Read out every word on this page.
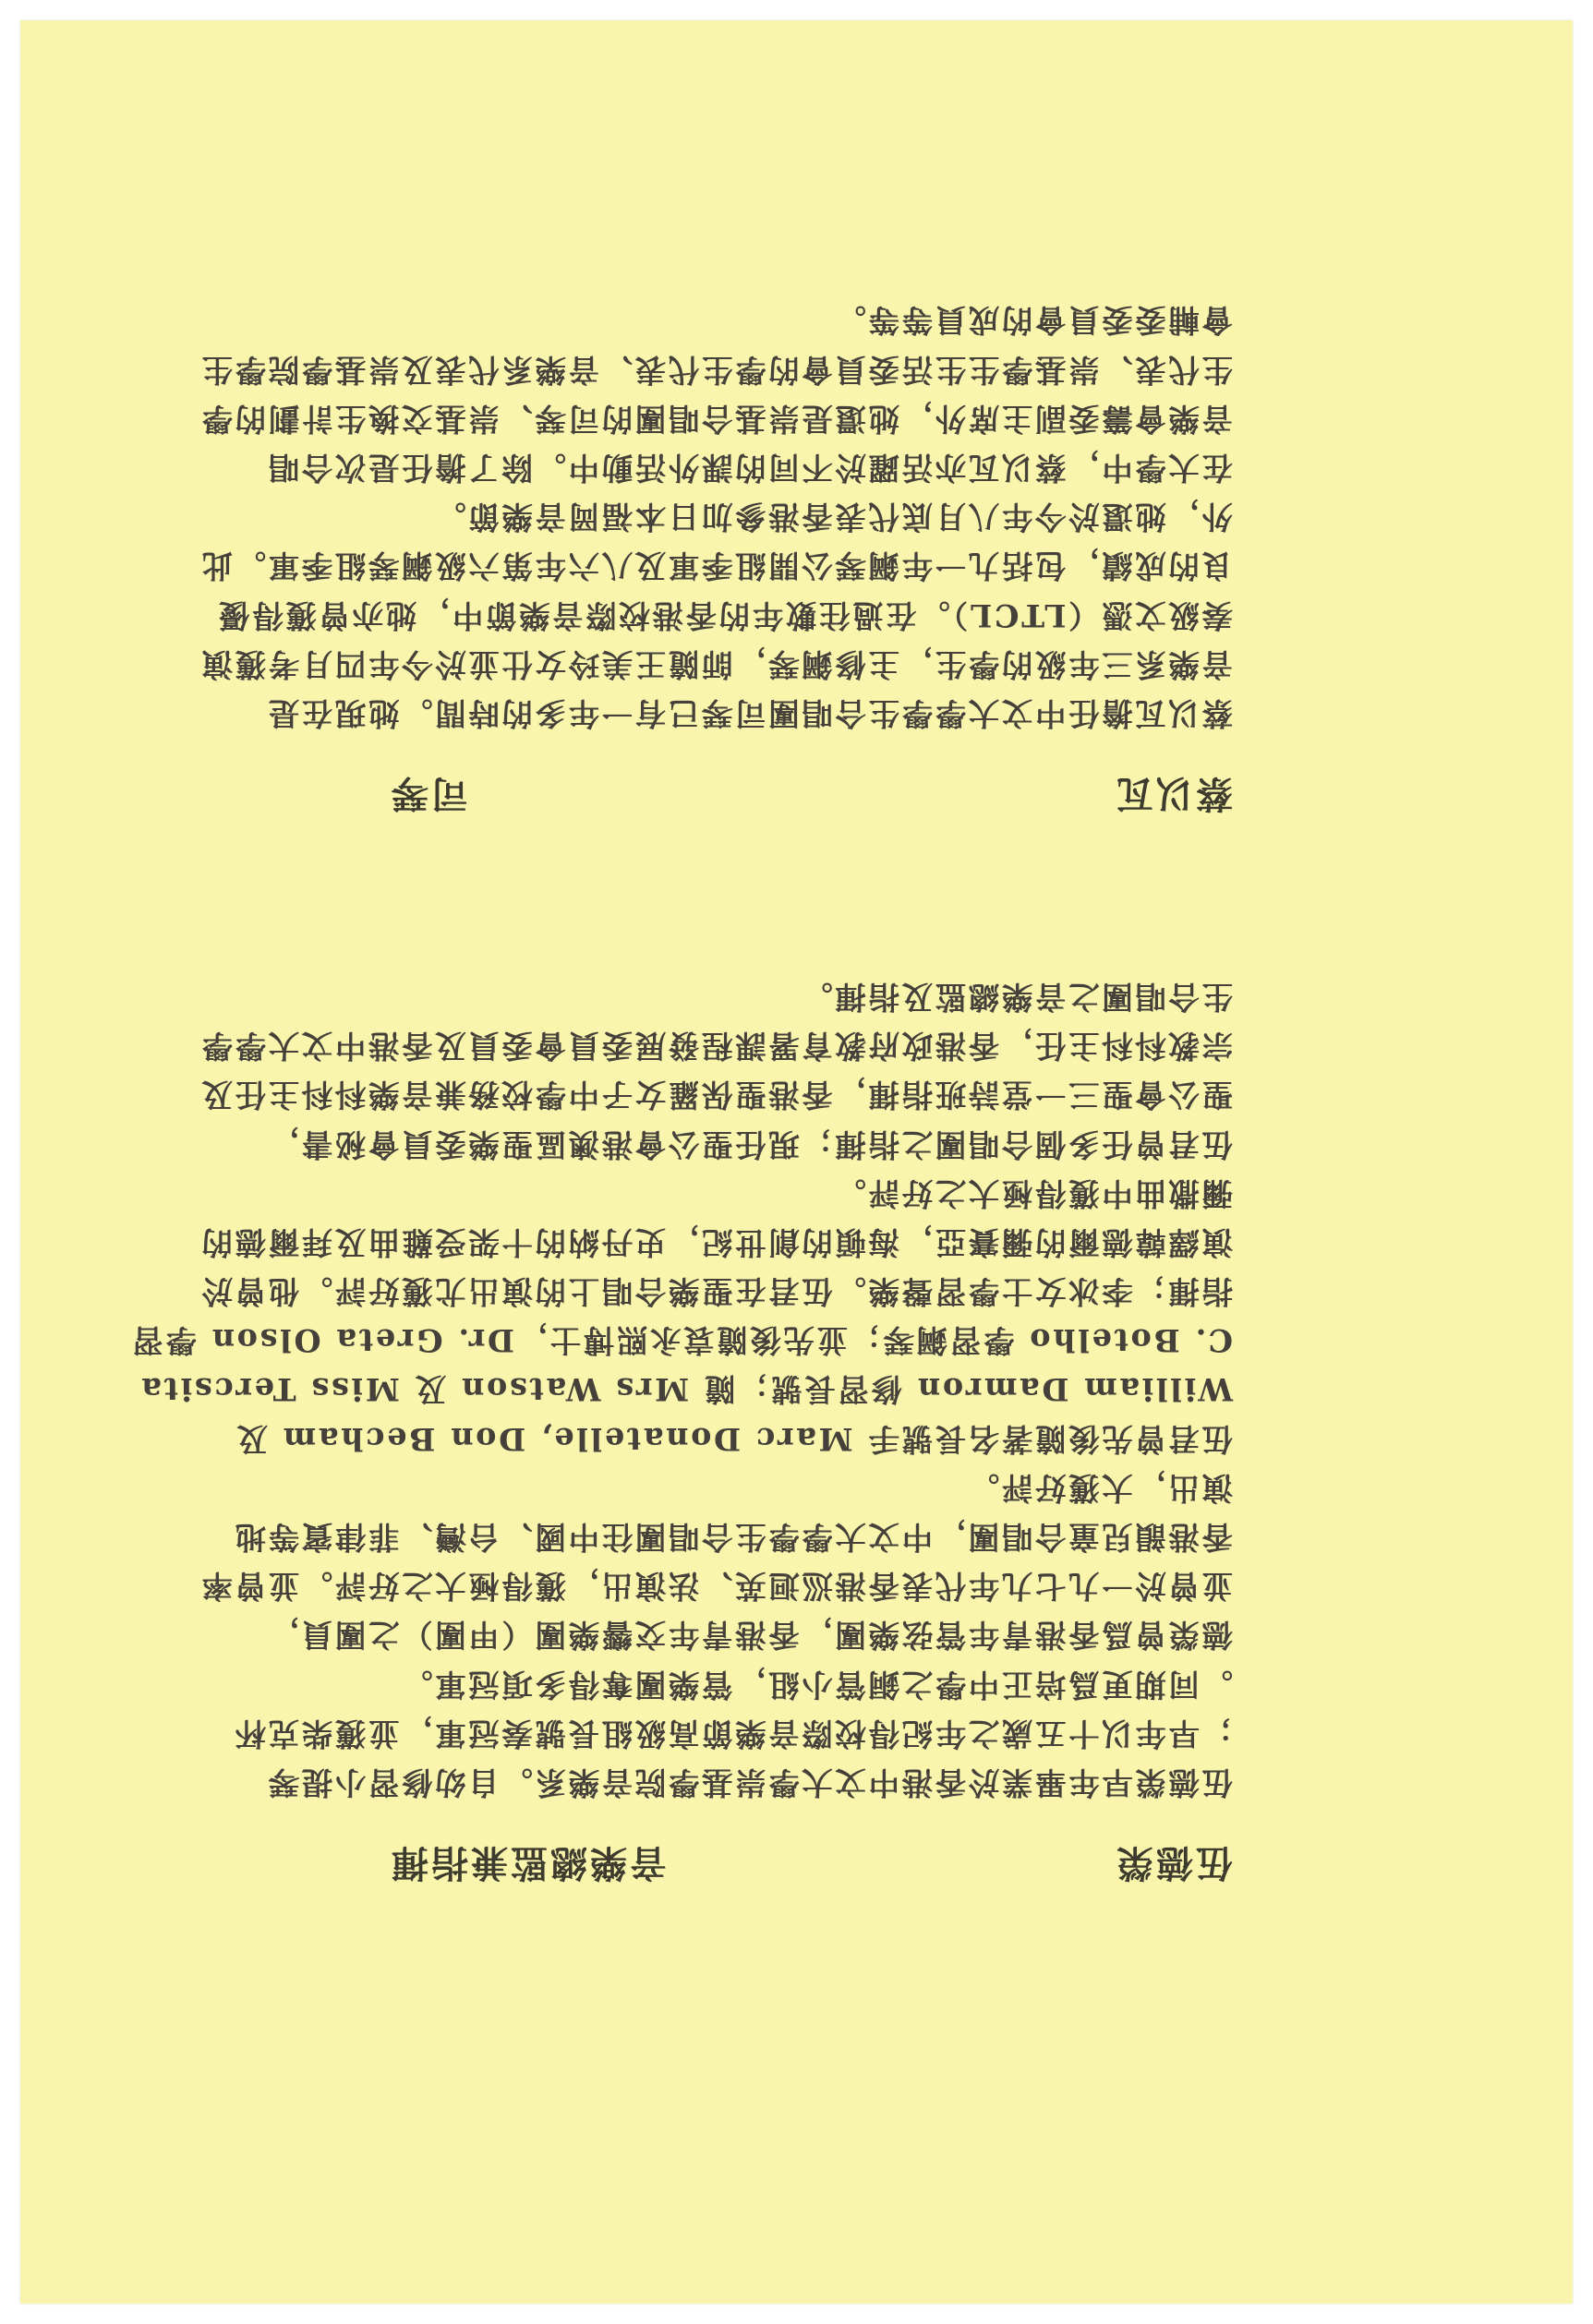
伍德榮
音樂總監兼指揮

伍德榮早年畢業於香港中文大學崇基學院音樂系。自幼修習小提琴

；早年以十五歲之年紀得校際音樂節高級組長號奏冠軍，並獲柴克杯

。同期更爲培正中學之銅管小組，管樂團奪得多項冠軍。

德榮曾爲香港青年管弦樂團，香港青年交響樂團（甲團）之團員，

並曾於一九七九年代表香港巡迴英、法演出，獲得極大之好評。並曾率

香港韻兒童合唱團，中文大學學生合唱團往中國、台灣、菲律賓等地

演出，大獲好評。

伍君曾先後隨著名長號手 Marc Donatelle, Don Becham 及

William Damron 修習長號；隨 Mrs Watson 及 Miss Tercsita

C. Botelho 學習鋼琴；並先後隨袁永熙博士，Dr. Greta Olson 學習

指揮；李冰女士學習聲樂。伍君在聖樂合唱上的演出尤獲好評。他曾於

演繹韓德爾的彌賽亞，海頓的創世紀，史丹納的十架受難曲及拜爾德的

彌撒曲中獲得極大之好評。

伍君曾任多個合唱團之指揮；現任聖公會港澳區聖樂委員會秘書，

聖公會聖三一堂詩班指揮，香港聖保羅女子中學校務兼音樂科科主任及

宗教科科主任，香港政府教育署課程發展委員會委員及香港中文大學學

生合唱團之音樂總監及指揮。

蔡以瓦
司琴

蔡以瓦擔任中文大學學生合唱團司琴已有一年多的時間。她現在是

音樂系三年級的學生，主修鋼琴，師隨王美玲女仕並於今年四月考獲演

奏級文憑（LTCL）。在過往數年的香港校際音樂節中，她亦曾獲得優

良的成績，包括九一年鋼琴公開組季軍及八六年第六級鋼琴組季軍。此

外，她還於今年八月底代表香港參加日本福岡音樂節。

在大學中，蔡以瓦亦活躍於不同的課外活動中。除了擔任是次合唱

音樂會籌委副主席外，她還是崇基合唱團的司琴、崇基交換生計劃的學

生代表、崇基學生生活委員會的學生代表、音樂系代表及崇基學院學生

會輔委委員會的成員等等。
